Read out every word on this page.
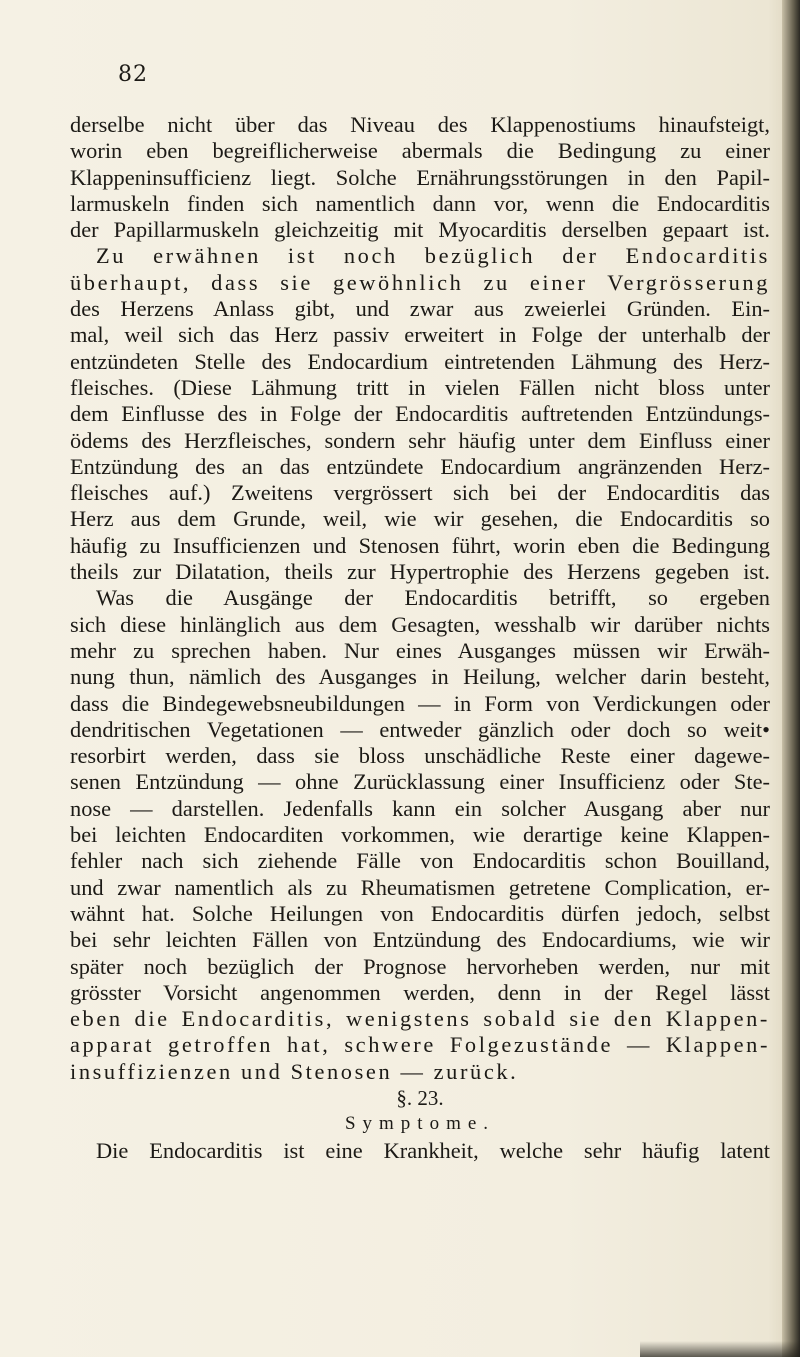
82
derselbe nicht über das Niveau des Klappenostiums hinaufsteigt,
worin eben begreiflicherweise abermals die Bedingung zu einer
Klappeninsufficienz liegt. Solche Ernährungsstörungen in den Papil-
larmuskeln finden sich namentlich dann vor, wenn die Endocarditis
der Papillarmuskeln gleichzeitig mit Myocarditis derselben gepaart ist.
Zu erwähnen ist noch bezüglich der Endocarditis
überhaupt, dass sie gewöhnlich zu einer Vergrösserung
des Herzens Anlass gibt, und zwar aus zweierlei Gründen. Ein-
mal, weil sich das Herz passiv erweitert in Folge der unterhalb der
entzündeten Stelle des Endocardium eintretenden Lähmung des Herz-
fleisches. (Diese Lähmung tritt in vielen Fällen nicht bloss unter
dem Einflusse des in Folge der Endocarditis auftretenden Entzündungs-
ödems des Herzfleisches, sondern sehr häufig unter dem Einfluss einer
Entzündung des an das entzündete Endocardium angränzenden Herz-
fleisches auf.) Zweitens vergrössert sich bei der Endocarditis das
Herz aus dem Grunde, weil, wie wir gesehen, die Endocarditis so
häufig zu Insufficienzen und Stenosen führt, worin eben die Bedingung
theils zur Dilatation, theils zur Hypertrophie des Herzens gegeben ist.
Was die Ausgänge der Endocarditis betrifft, so ergeben
sich diese hinlänglich aus dem Gesagten, wesshalb wir darüber nichts
mehr zu sprechen haben. Nur eines Ausganges müssen wir Erwäh-
nung thun, nämlich des Ausganges in Heilung, welcher darin besteht,
dass die Bindegewebsneubildungen — in Form von Verdickungen oder
dendritischen Vegetationen — entweder gänzlich oder doch so weit•
resorbirt werden, dass sie bloss unschädliche Reste einer dagewe-
senen Entzündung — ohne Zurücklassung einer Insufficienz oder Ste-
nose — darstellen. Jedenfalls kann ein solcher Ausgang aber nur
bei leichten Endocarditen vorkommen, wie derartige keine Klappen-
fehler nach sich ziehende Fälle von Endocarditis schon Bouilland,
und zwar namentlich als zu Rheumatismen getretene Complication, er-
wähnt hat. Solche Heilungen von Endocarditis dürfen jedoch, selbst
bei sehr leichten Fällen von Entzündung des Endocardiums, wie wir
später noch bezüglich der Prognose hervorheben werden, nur mit
grösster Vorsicht angenommen werden, denn in der Regel lässt
eben die Endocarditis, wenigstens sobald sie den Klappen-
apparat getroffen hat, schwere Folgezustände — Klappen-
insuffizienzen und Stenosen — zurück.
§. 23.
Symptome.
Die Endocarditis ist eine Krankheit, welche sehr häufig latent
